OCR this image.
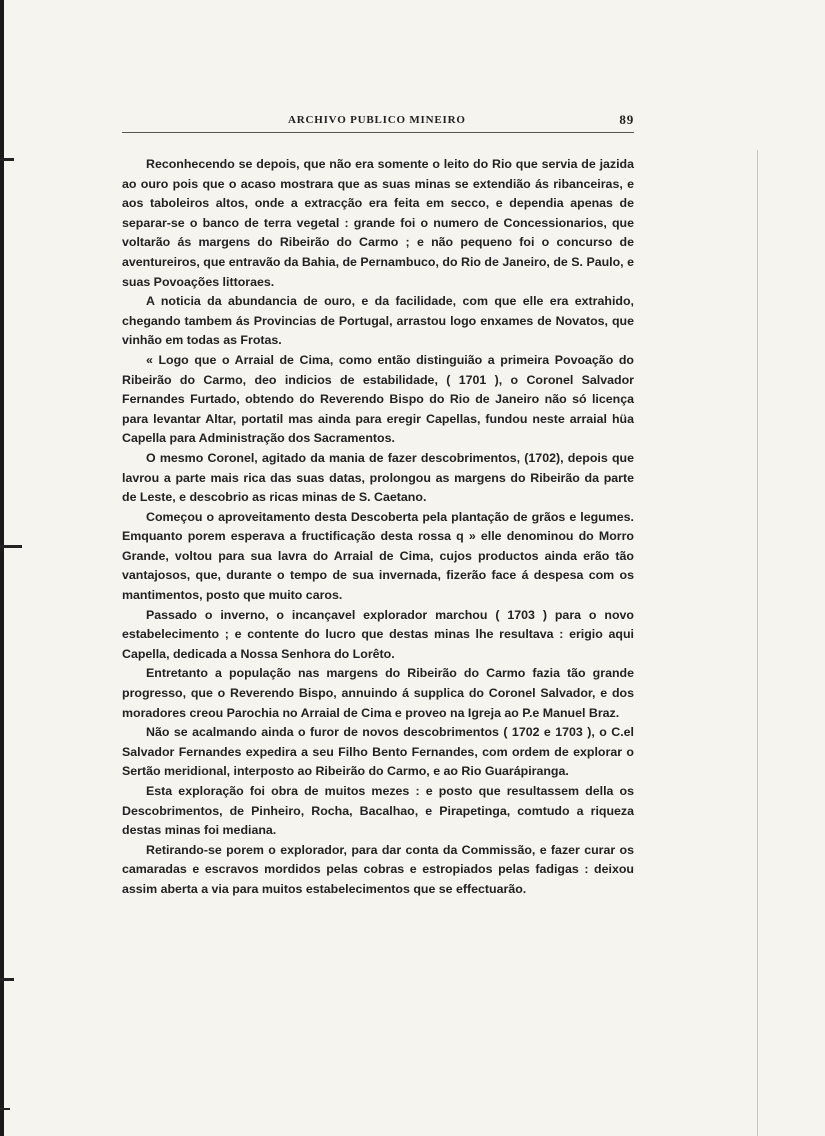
ARCHIVO PUBLICO MINEIRO	89

Reconhecendo se depois, que não era somente o leito do Rio que servia de jazida ao ouro pois que o acaso mostrara que as suas minas se extendião ás ribanceiras, e aos taboleiros altos, onde a extracção era feita em secco, e dependia apenas de separar-se o banco de terra vegetal : grande foi o numero de Concessionarios, que voltarão ás margens do Ribeirão do Carmo ; e não pequeno foi o concurso de aventureiros, que entravão da Bahia, de Pernambuco, do Rio de Janeiro, de S. Paulo, e suas Povoações littoraes.

A noticia da abundancia de ouro, e da facilidade, com que elle era extrahido, chegando tambem ás Provincias de Portugal, arrastou logo enxames de Novatos, que vinhão em todas as Frotas.

« Logo que o Arraial de Cima, como então distinguião a primeira Povoação do Ribeirão do Carmo, deo indicios de estabilidade, ( 1701 ), o Coronel Salvador Fernandes Furtado, obtendo do Reverendo Bispo do Rio de Janeiro não só licença para levantar Altar, portatil mas ainda para eregir Capellas, fundou neste arraial hüa Capella para Administração dos Sacramentos.

O mesmo Coronel, agitado da mania de fazer descobrimentos, (1702), depois que lavrou a parte mais rica das suas datas, prolongou as margens do Ribeirão da parte de Leste, e descobrio as ricas minas de S. Caetano.

Começou o aproveitamento desta Descoberta pela plantação de grãos e legumes. Emquanto porem esperava a fructificação desta rossa q » elle denominou do Morro Grande, voltou para sua lavra do Arraial de Cima, cujos productos ainda erão tão vantajosos, que, durante o tempo de sua invernada, fizerão face á despesa com os mantimentos, posto que muito caros.

Passado o inverno, o incançavel explorador marchou ( 1703 ) para o novo estabelecimento ; e contente do lucro que destas minas lhe resultava : erigio aqui Capella, dedicada a Nossa Senhora do Lorêto.

Entretanto a população nas margens do Ribeirão do Carmo fazia tão grande progresso, que o Reverendo Bispo, annuindo á supplica do Coronel Salvador, e dos moradores creou Parochia no Arraial de Cima e proveo na Igreja ao P.e Manuel Braz.

Não se acalmando ainda o furor de novos descobrimentos ( 1702 e 1703 ), o C.el Salvador Fernandes expedira a seu Filho Bento Fernandes, com ordem de explorar o Sertão meridional, interposto ao Ribeirão do Carmo, e ao Rio Guarápiranga.

Esta exploração foi obra de muitos mezes : e posto que resultassem della os Descobrimentos, de Pinheiro, Rocha, Bacalhao, e Pirapetinga, comtudo a riqueza destas minas foi mediana.

Retirando-se porem o explorador, para dar conta da Commissão, e fazer curar os camaradas e escravos mordidos pelas cobras e estropiados pelas fadigas : deixou assim aberta a via para muitos estabelecimentos que se effectuarão.
